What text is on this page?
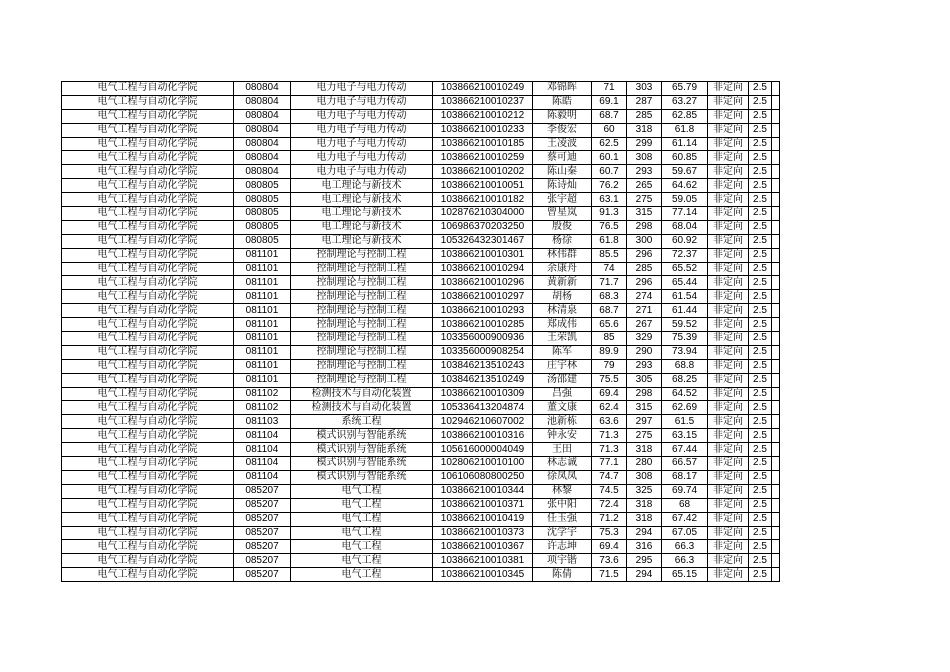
电气工程与自动化学院	080804	电力电子与电力传动	103866210010249	邓锦晖	71	303	65.79	非定向	2.5	
电气工程与自动化学院	080804	电力电子与电力传动	103866210010237	陈皓	69.1	287	63.27	非定向	2.5	
电气工程与自动化学院	080804	电力电子与电力传动	103866210010212	陈毅明	68.7	285	62.85	非定向	2.5	
电气工程与自动化学院	080804	电力电子与电力传动	103866210010233	李俊宏	60	318	61.8	非定向	2.5	
电气工程与自动化学院	080804	电力电子与电力传动	103866210010185	王凌波	62.5	299	61.14	非定向	2.5	
电气工程与自动化学院	080804	电力电子与电力传动	103866210010259	蔡可迪	60.1	308	60.85	非定向	2.5	
电气工程与自动化学院	080804	电力电子与电力传动	103866210010202	陈山秦	60.7	293	59.67	非定向	2.5	
电气工程与自动化学院	080805	电工理论与新技术	103866210010051	陈诗灿	76.2	265	64.62	非定向	2.5	
电气工程与自动化学院	080805	电工理论与新技术	103866210010182	张宇超	63.1	275	59.05	非定向	2.5	
电气工程与自动化学院	080805	电工理论与新技术	102876210304000	曾星岚	91.3	315	77.14	非定向	2.5	
电气工程与自动化学院	080805	电工理论与新技术	106986370203250	殷俊	76.5	298	68.04	非定向	2.5	
电气工程与自动化学院	080805	电工理论与新技术	105326432301467	杨徐	61.8	300	60.92	非定向	2.5	
电气工程与自动化学院	081101	控制理论与控制工程	103866210010301	林伟群	85.5	296	72.37	非定向	2.5	
电气工程与自动化学院	081101	控制理论与控制工程	103866210010294	余康舟	74	285	65.52	非定向	2.5	
电气工程与自动化学院	081101	控制理论与控制工程	103866210010296	黄新新	71.7	296	65.44	非定向	2.5	
电气工程与自动化学院	081101	控制理论与控制工程	103866210010297	胡杨	68.3	274	61.54	非定向	2.5	
电气工程与自动化学院	081101	控制理论与控制工程	103866210010293	林清泉	68.7	271	61.44	非定向	2.5	
电气工程与自动化学院	081101	控制理论与控制工程	103866210010285	郑成伟	65.6	267	59.52	非定向	2.5	
电气工程与自动化学院	081101	控制理论与控制工程	103356000900936	王荣凯	85	329	75.39	非定向	2.5	
电气工程与自动化学院	081101	控制理论与控制工程	103356000908254	陈军	89.9	290	73.94	非定向	2.5	
电气工程与自动化学院	081101	控制理论与控制工程	103846213510243	庄宇林	79	293	68.8	非定向	2.5	
电气工程与自动化学院	081101	控制理论与控制工程	103846213510249	汤邵建	75.5	305	68.25	非定向	2.5	
电气工程与自动化学院	081102	检测技术与自动化装置	103866210010309	吕强	69.4	298	64.52	非定向	2.5	
电气工程与自动化学院	081102	检测技术与自动化装置	105336413204874	董文康	62.4	315	62.69	非定向	2.5	
电气工程与自动化学院	081103	系统工程	102946210607002	池新栋	63.6	297	61.5	非定向	2.5	
电气工程与自动化学院	081104	模式识别与智能系统	103866210010316	钟永安	71.3	275	63.15	非定向	2.5	
电气工程与自动化学院	081104	模式识别与智能系统	105616000004049	王田	71.3	318	67.44	非定向	2.5	
电气工程与自动化学院	081104	模式识别与智能系统	102806210010100	林志诚	77.1	280	66.57	非定向	2.5	
电气工程与自动化学院	081104	模式识别与智能系统	106106080800250	徐凤凤	74.7	308	68.17	非定向	2.5	
电气工程与自动化学院	085207	电气工程	103866210010344	林黎	74.5	325	69.74	非定向	2.5	
电气工程与自动化学院	085207	电气工程	103866210010371	张中阳	72.4	318	68	非定向	2.5	
电气工程与自动化学院	085207	电气工程	103866210010419	任玉强	71.2	318	67.42	非定向	2.5	
电气工程与自动化学院	085207	电气工程	103866210010373	沈学宇	75.3	294	67.05	非定向	2.5	
电气工程与自动化学院	085207	电气工程	103866210010367	许志坤	69.4	316	66.3	非定向	2.5	
电气工程与自动化学院	085207	电气工程	103866210010381	项宇锴	73.6	295	66.3	非定向	2.5	
电气工程与自动化学院	085207	电气工程	103866210010345	陈倩	71.5	294	65.15	非定向	2.5	
